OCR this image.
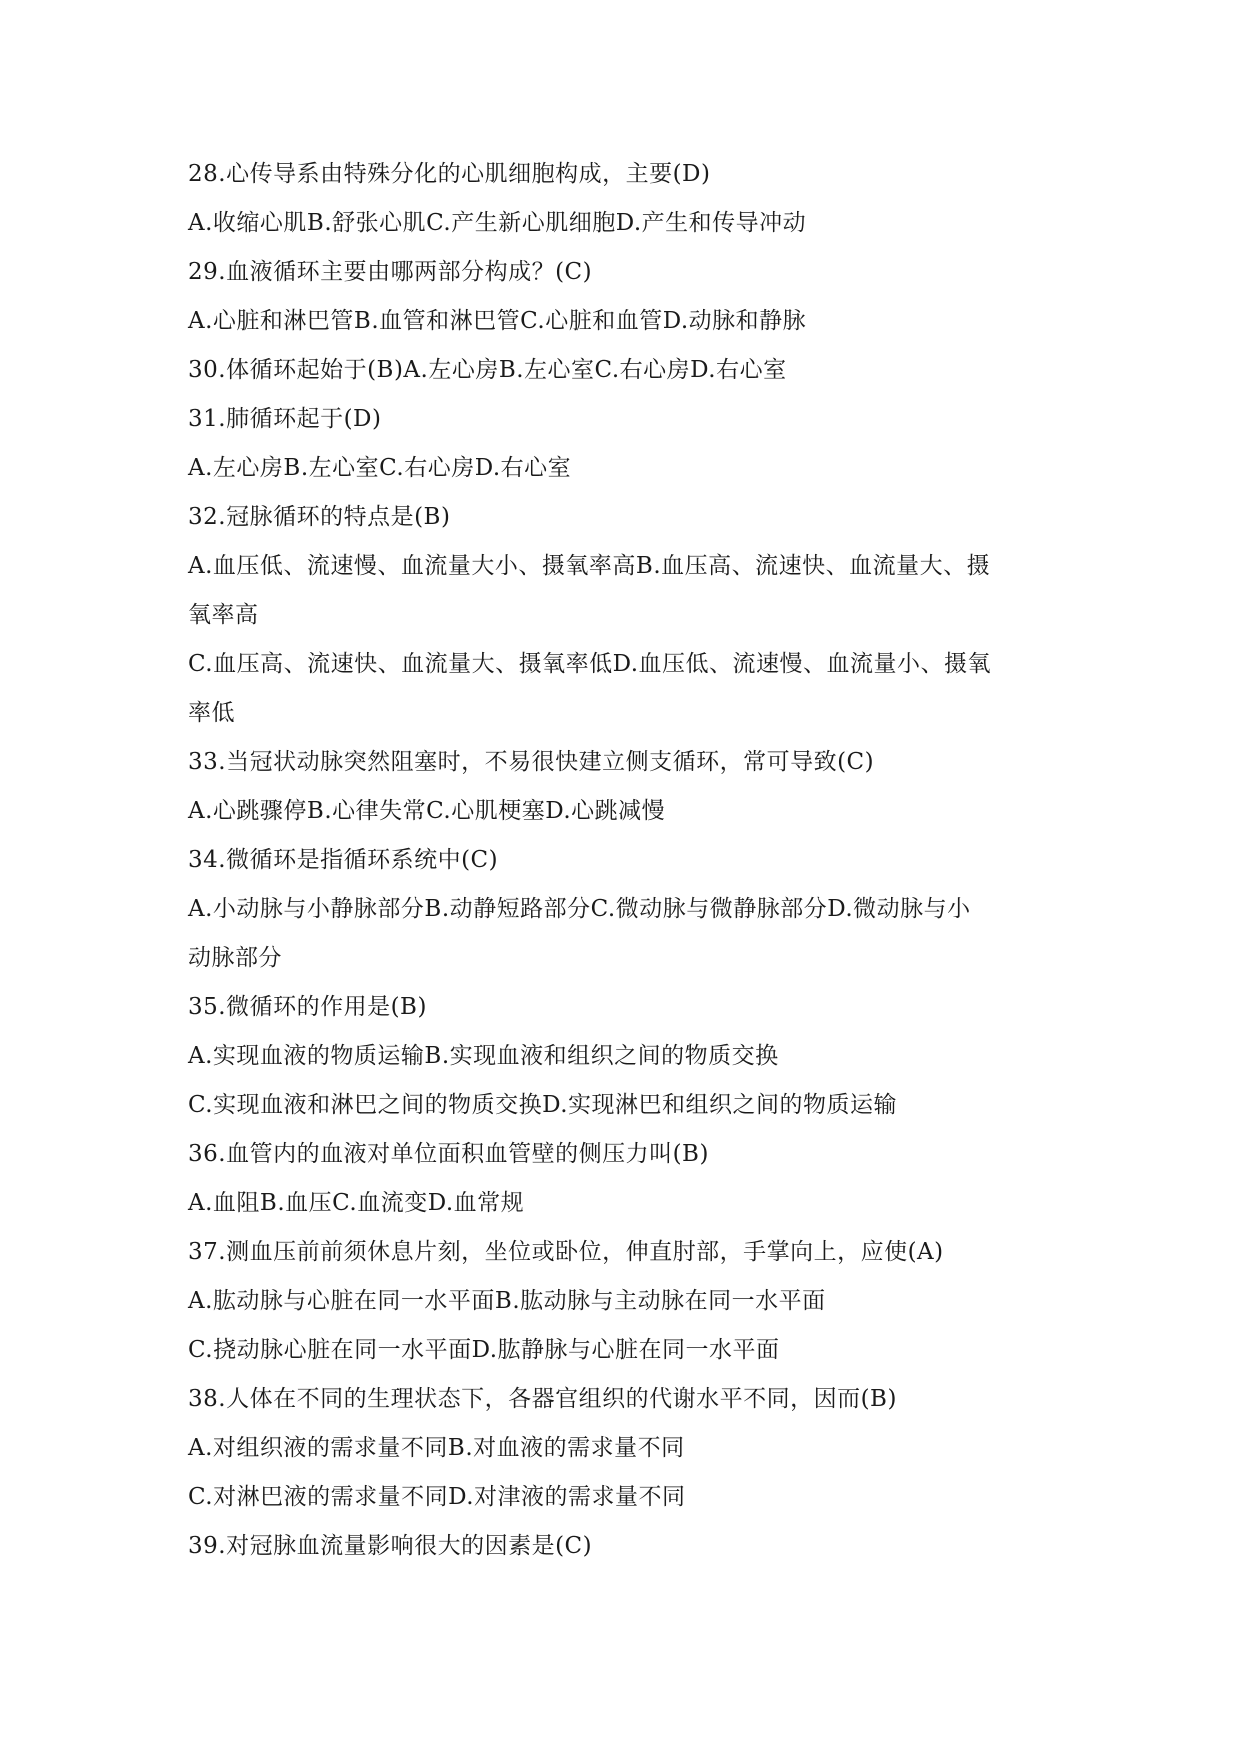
28.心传导系由特殊分化的心肌细胞构成，主要(D)
A.收缩心肌B.舒张心肌C.产生新心肌细胞D.产生和传导冲动
29.血液循环主要由哪两部分构成？(C)
A.心脏和淋巴管B.血管和淋巴管C.心脏和血管D.动脉和静脉
30.体循环起始于(B)A.左心房B.左心室C.右心房D.右心室
31.肺循环起于(D)
A.左心房B.左心室C.右心房D.右心室
32.冠脉循环的特点是(B)
A.血压低、流速慢、血流量大小、摄氧率高B.血压高、流速快、血流量大、摄
氧率高
C.血压高、流速快、血流量大、摄氧率低D.血压低、流速慢、血流量小、摄氧
率低
33.当冠状动脉突然阻塞时，不易很快建立侧支循环，常可导致(C)
A.心跳骤停B.心律失常C.心肌梗塞D.心跳减慢
34.微循环是指循环系统中(C)
A.小动脉与小静脉部分B.动静短路部分C.微动脉与微静脉部分D.微动脉与小
动脉部分
35.微循环的作用是(B)
A.实现血液的物质运输B.实现血液和组织之间的物质交换
C.实现血液和淋巴之间的物质交换D.实现淋巴和组织之间的物质运输
36.血管内的血液对单位面积血管壁的侧压力叫(B)
A.血阻B.血压C.血流变D.血常规
37.测血压前前须休息片刻，坐位或卧位，伸直肘部，手掌向上，应使(A)
A.肱动脉与心脏在同一水平面B.肱动脉与主动脉在同一水平面
C.挠动脉心脏在同一水平面D.肱静脉与心脏在同一水平面
38.人体在不同的生理状态下，各器官组织的代谢水平不同，因而(B)
A.对组织液的需求量不同B.对血液的需求量不同
C.对淋巴液的需求量不同D.对津液的需求量不同
39.对冠脉血流量影响很大的因素是(C)
